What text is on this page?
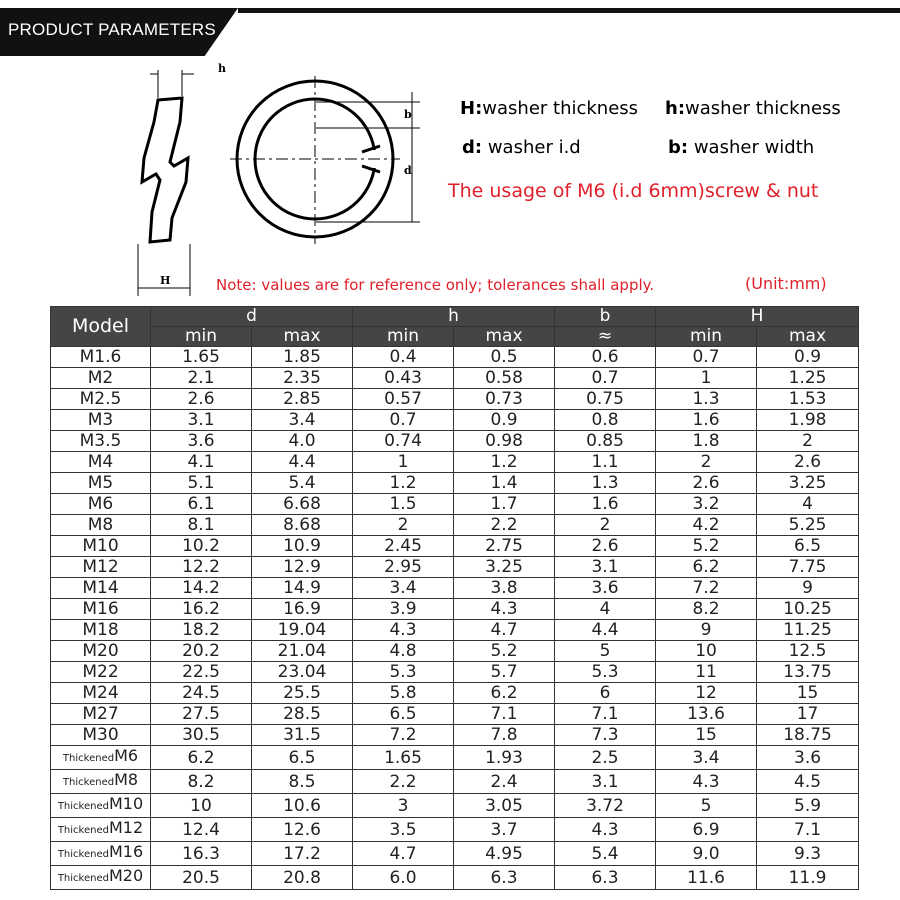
PRODUCT PARAMETERS
h
H
b
d
H:washer thickness h:washer thickness
d: washer i.d	b: washer width
The usage of M6 (i.d 6mm)screw & nut
Note: values are for reference only; tolerances shall apply.	(Unit:mm)
Model	d		h		b	H	
	min	max	min	max	≈	min	max
M1.6	1.65	1.85	0.4	0.5	0.6	0.7	0.9
M2	2.1	2.35	0.43	0.58	0.7	1	1.25
M2.5	2.6	2.85	0.57	0.73	0.75	1.3	1.53
M3	3.1	3.4	0.7	0.9	0.8	1.6	1.98
M3.5	3.6	4.0	0.74	0.98	0.85	1.8	2
M4	4.1	4.4	1	1.2	1.1	2	2.6
M5	5.1	5.4	1.2	1.4	1.3	2.6	3.25
M6	6.1	6.68	1.5	1.7	1.6	3.2	4
M8	8.1	8.68	2	2.2	2	4.2	5.25
M10	10.2	10.9	2.45	2.75	2.6	5.2	6.5
M12	12.2	12.9	2.95	3.25	3.1	6.2	7.75
M14	14.2	14.9	3.4	3.8	3.6	7.2	9
M16	16.2	16.9	3.9	4.3	4	8.2	10.25
M18	18.2	19.04	4.3	4.7	4.4	9	11.25
M20	20.2	21.04	4.8	5.2	5	10	12.5
M22	22.5	23.04	5.3	5.7	5.3	11	13.75
M24	24.5	25.5	5.8	6.2	6	12	15
M27	27.5	28.5	6.5	7.1	7.1	13.6	17
M30	30.5	31.5	7.2	7.8	7.3	15	18.75
ThickenedM6	6.2	6.5	1.65	1.93	2.5	3.4	3.6
ThickenedM8	8.2	8.5	2.2	2.4	3.1	4.3	4.5
ThickenedM10	10	10.6	3	3.05	3.72	5	5.9
ThickenedM12	12.4	12.6	3.5	3.7	4.3	6.9	7.1
ThickenedM16	16.3	17.2	4.7	4.95	5.4	9.0	9.3
ThickenedM20	20.5	20.8	6.0	6.3	6.3	11.6	11.9
